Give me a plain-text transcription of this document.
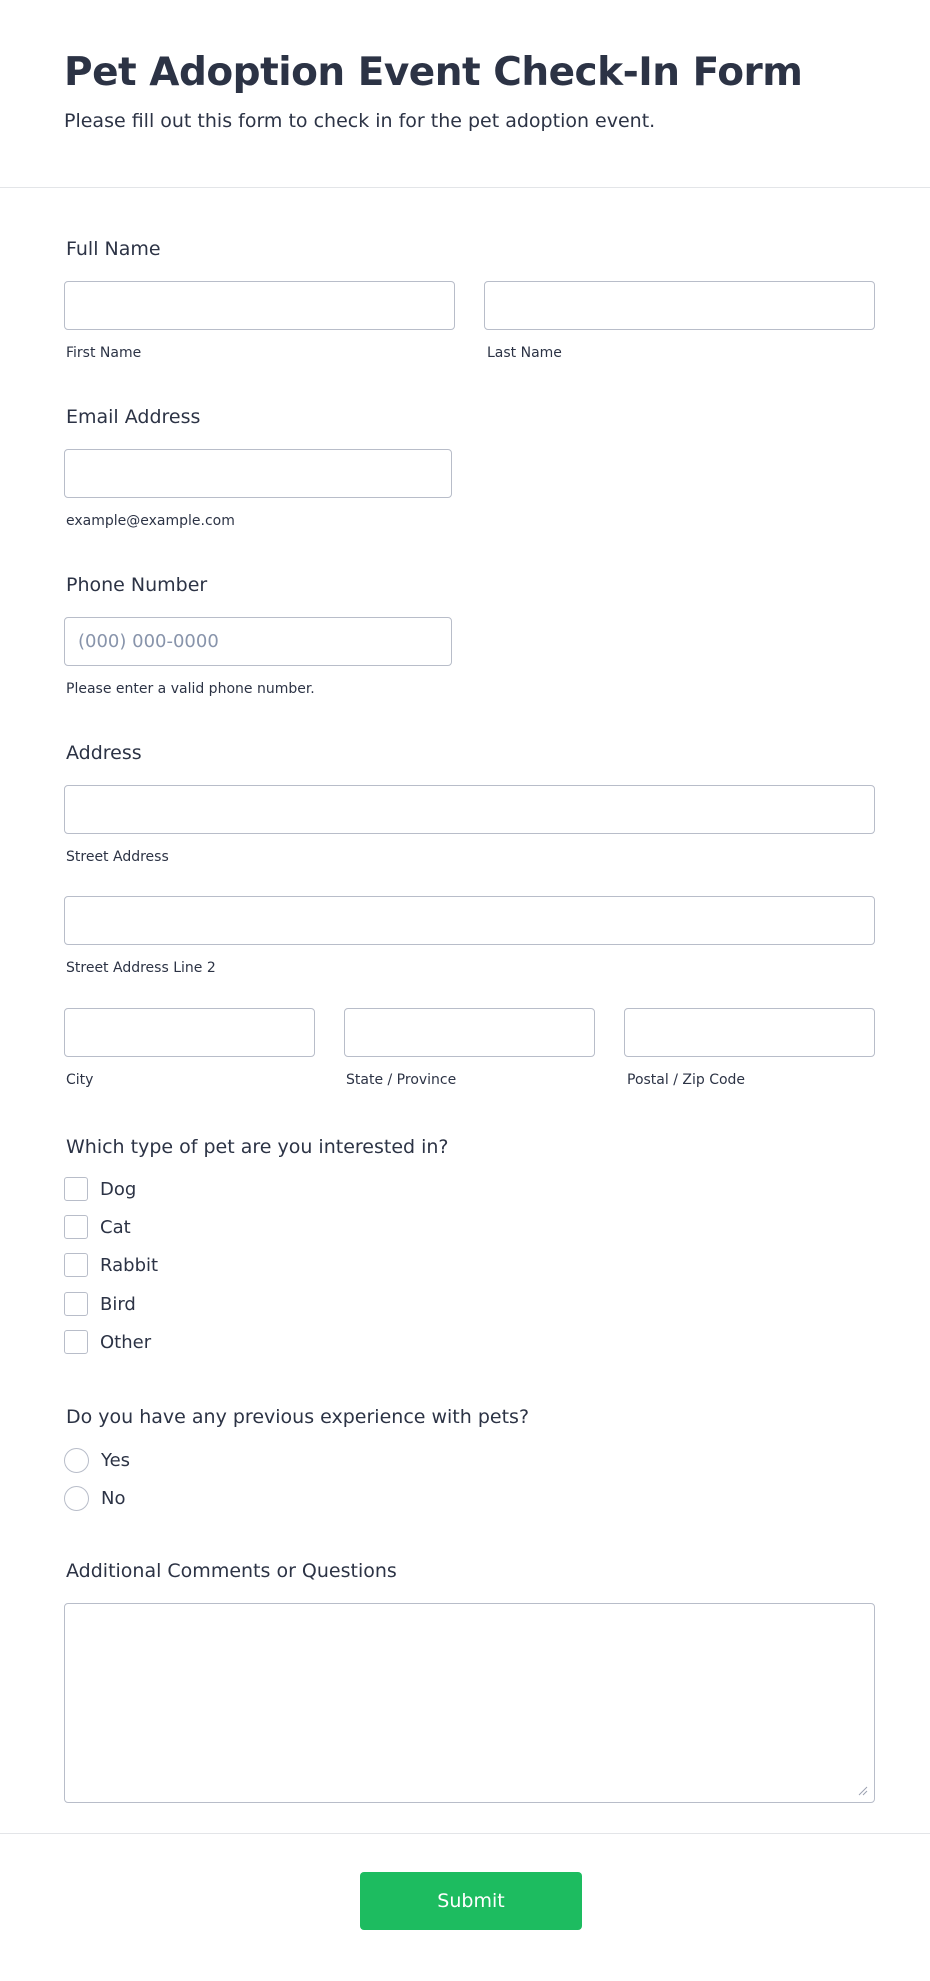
Pet Adoption Event Check-In Form
Please fill out this form to check in for the pet adoption event.
Full Name
First Name	Last Name
Email Address
example@example.com
Phone Number
(000) 000-0000
Please enter a valid phone number.
Address
Street Address
Street Address Line 2
City	State / Province	Postal / Zip Code
Which type of pet are you interested in?
Dog
Cat
Rabbit
Bird
Other
Do you have any previous experience with pets?
Yes
No
Additional Comments or Questions
Submit
